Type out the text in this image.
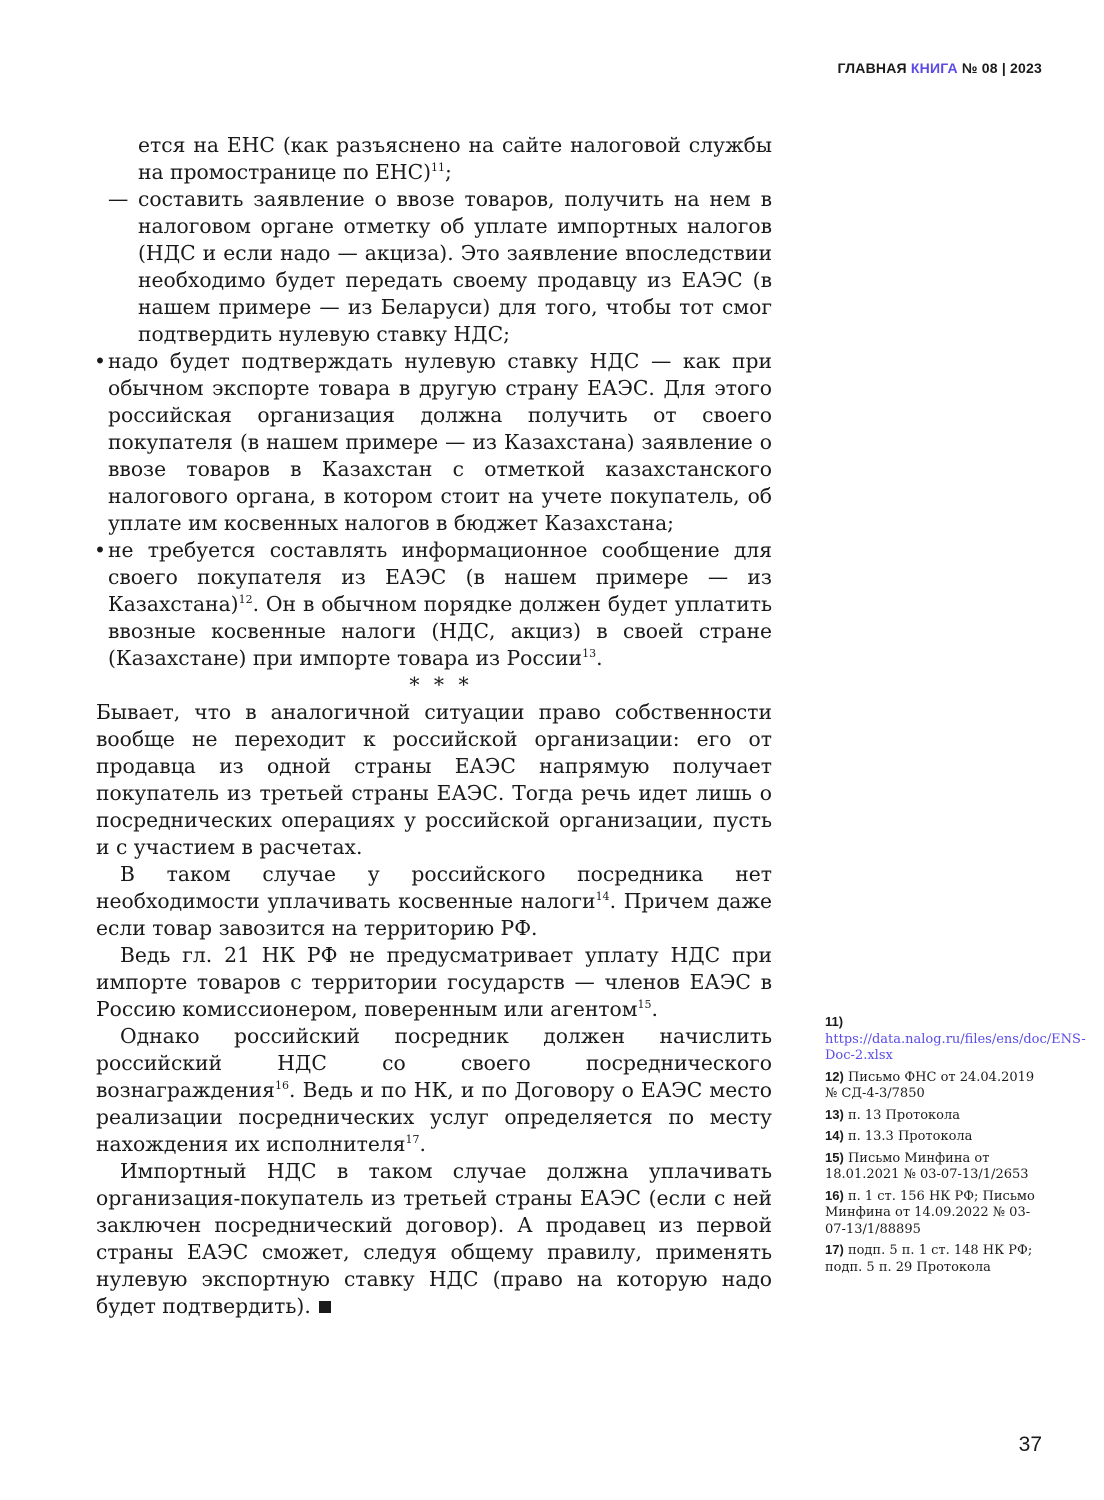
ГЛАВНАЯ КНИГА № 08 | 2023

ется на ЕНС (как разъяснено на сайте налоговой службы на промостранице по ЕНС)$^{11}$;

— составить заявление о ввозе товаров, получить на нем в налоговом органе отметку об уплате импортных налогов (НДС и если надо — акциза). Это заявление впоследствии необходимо будет передать своему продавцу из ЕАЭС (в нашем примере — из Беларуси) для того, чтобы тот смог подтвердить нулевую ставку НДС;

• надо будет подтверждать нулевую ставку НДС — как при обычном экспорте товара в другую страну ЕАЭС. Для этого российская организация должна получить от своего покупателя (в нашем примере — из Казахстана) заявление о ввозе товаров в Казахстан с отметкой казахстанского налогового органа, в котором стоит на учете покупатель, об уплате им косвенных налогов в бюджет Казахстана;

• не требуется составлять информационное сообщение для своего покупателя из ЕАЭС (в нашем примере — из Казахстана)$^{12}$. Он в обычном порядке должен будет уплатить ввозные косвенные налоги (НДС, акциз) в своей стране (Казахстане) при импорте товара из России$^{13}$.

* * *

Бывает, что в аналогичной ситуации право собственности вообще не переходит к российской организации: его от продавца из одной страны ЕАЭС напрямую получает покупатель из третьей страны ЕАЭС. Тогда речь идет лишь о посреднических операциях у российской организации, пусть и с участием в расчетах.

В таком случае у российского посредника нет необходимости уплачивать косвенные налоги$^{14}$. Причем даже если товар завозится на территорию РФ.

Ведь гл. 21 НК РФ не предусматривает уплату НДС при импорте товаров с территории государств — членов ЕАЭС в Россию комиссионером, поверенным или агентом$^{15}$.

Однако российский посредник должен начислить российский НДС со своего посреднического вознаграждения$^{16}$. Ведь и по НК, и по Договору о ЕАЭС место реализации посреднических услуг определяется по месту нахождения их исполнителя$^{17}$.

Импортный НДС в таком случае должна уплачивать организация-покупатель из третьей страны ЕАЭС (если с ней заключен посреднический договор). А продавец из первой страны ЕАЭС сможет, следуя общему правилу, применять нулевую экспортную ставку НДС (право на которую надо будет подтвердить).

11) https://data.nalog.ru/files/ens/doc/ENS-Doc-2.xlsx
12) Письмо ФНС от 24.04.2019 № СД-4-3/7850
13) п. 13 Протокола
14) п. 13.3 Протокола
15) Письмо Минфина от 18.01.2021 № 03-07-13/1/2653
16) п. 1 ст. 156 НК РФ; Письмо Минфина от 14.09.2022 № 03-07-13/1/88895
17) подп. 5 п. 1 ст. 148 НК РФ; подп. 5 п. 29 Протокола
37
